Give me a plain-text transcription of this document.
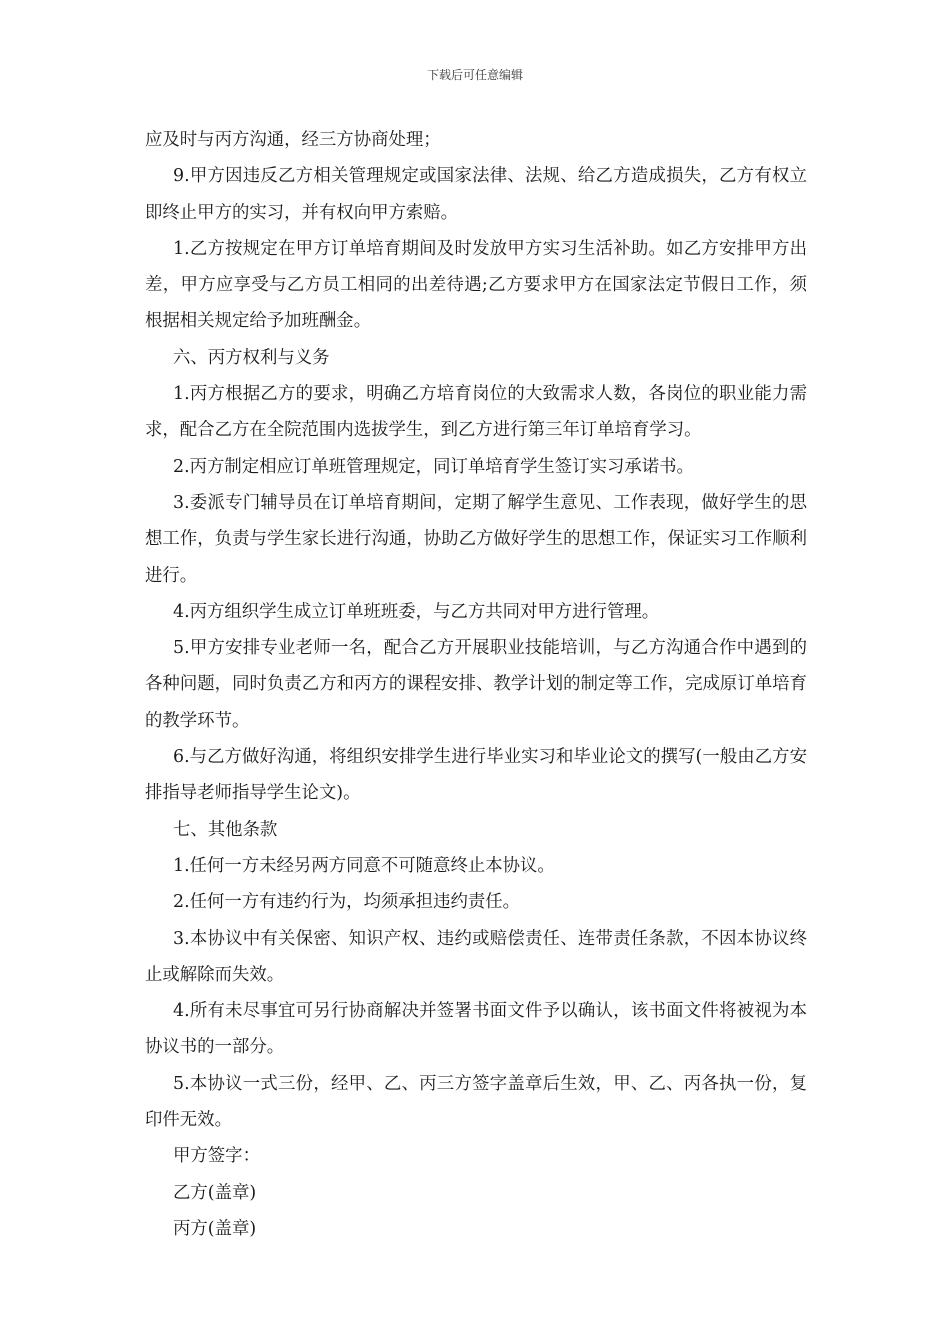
下载后可任意编辑

应及时与丙方沟通，经三方协商处理；

9.甲方因违反乙方相关管理规定或国家法律、法规、给乙方造成损失，乙方有权立即终止甲方的实习，并有权向甲方索赔。

1.乙方按规定在甲方订单培育期间及时发放甲方实习生活补助。如乙方安排甲方出差，甲方应享受与乙方员工相同的出差待遇;乙方要求甲方在国家法定节假日工作，须根据相关规定给予加班酬金。

六、丙方权利与义务

1.丙方根据乙方的要求，明确乙方培育岗位的大致需求人数，各岗位的职业能力需求，配合乙方在全院范围内选拔学生，到乙方进行第三年订单培育学习。

2.丙方制定相应订单班管理规定，同订单培育学生签订实习承诺书。

3.委派专门辅导员在订单培育期间，定期了解学生意见、工作表现，做好学生的思想工作，负责与学生家长进行沟通，协助乙方做好学生的思想工作，保证实习工作顺利进行。

4.丙方组织学生成立订单班班委，与乙方共同对甲方进行管理。

5.甲方安排专业老师一名，配合乙方开展职业技能培训，与乙方沟通合作中遇到的各种问题，同时负责乙方和丙方的课程安排、教学计划的制定等工作，完成原订单培育的教学环节。

6.与乙方做好沟通，将组织安排学生进行毕业实习和毕业论文的撰写(一般由乙方安排指导老师指导学生论文)。

七、其他条款

1.任何一方未经另两方同意不可随意终止本协议。

2.任何一方有违约行为，均须承担违约责任。

3.本协议中有关保密、知识产权、违约或赔偿责任、连带责任条款，不因本协议终止或解除而失效。

4.所有未尽事宜可另行协商解决并签署书面文件予以确认，该书面文件将被视为本协议书的一部分。

5.本协议一式三份，经甲、乙、丙三方签字盖章后生效，甲、乙、丙各执一份，复印件无效。

甲方签字：

乙方(盖章)

丙方(盖章)
